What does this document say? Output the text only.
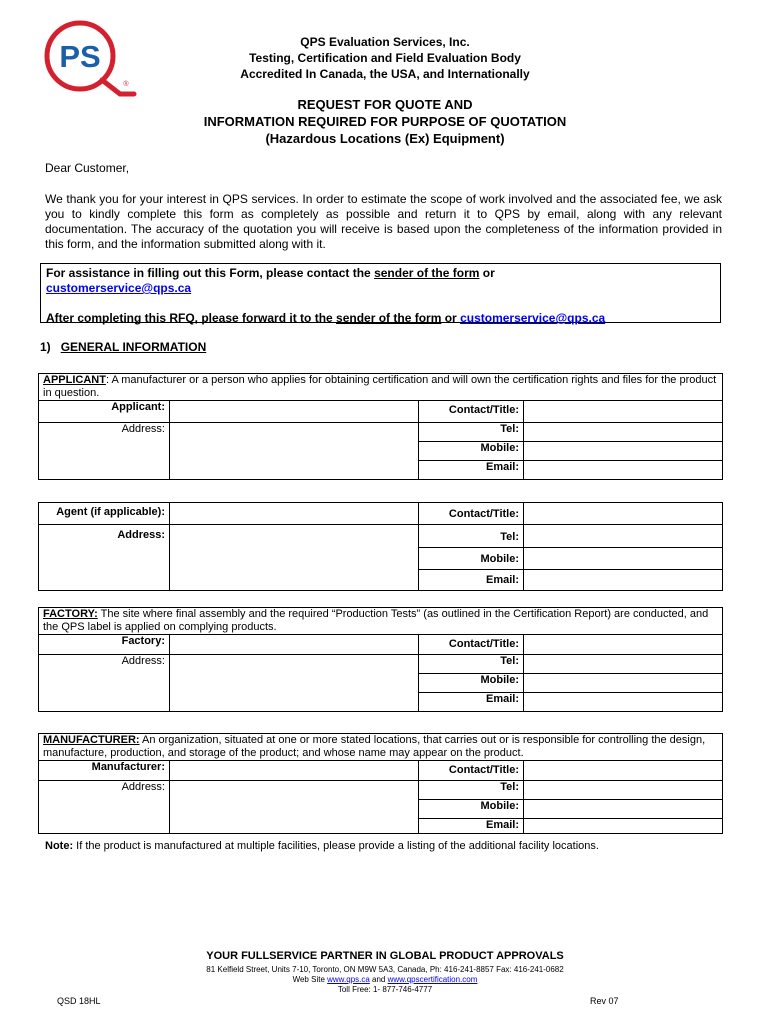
PS
®
QPS Evaluation Services, Inc.
Testing, Certification and Field Evaluation Body
Accredited In Canada, the USA, and Internationally
REQUEST FOR QUOTE AND
INFORMATION REQUIRED FOR PURPOSE OF QUOTATION
(Hazardous Locations (Ex) Equipment)
Dear Customer,
We thank you for your interest in QPS services. In order to estimate the scope of work involved and the associated fee, we ask you to kindly complete this form as completely as possible and return it to QPS by email, along with any relevant documentation. The accuracy of the quotation you will receive is based upon the completeness of the information provided in this form, and the information submitted along with it.
For assistance in filling out this Form, please contact the sender of the form or
customerservice@qps.ca
After completing this RFQ, please forward it to the sender of the form or customerservice@qps.ca
1) GENERAL INFORMATION
APPLICANT: A manufacturer or a person who applies for obtaining certification and will own the certification rights and files for the product in question.			
Applicant:		Contact/Title:	
Address:		Tel:	
		Mobile:	
		Email:	
Agent (if applicable):		Contact/Title:	
Address:		Tel:	
		Mobile:	
		Email:	
FACTORY: The site where final assembly and the required “Production Tests” (as outlined in the Certification Report) are conducted, and the QPS label is applied on complying products.			
Factory:		Contact/Title:	
Address:		Tel:	
		Mobile:	
		Email:	
MANUFACTURER: An organization, situated at one or more stated locations, that carries out or is responsible for controlling the design, manufacture, production, and storage of the product; and whose name may appear on the product.			
Manufacturer:		Contact/Title:	
Address:		Tel:	
		Mobile:	
		Email:	
Note: If the product is manufactured at multiple facilities, please provide a listing of the additional facility locations.
YOUR FULLSERVICE PARTNER IN GLOBAL PRODUCT APPROVALS
81 Kelfield Street, Units 7-10, Toronto, ON M9W 5A3, Canada, Ph: 416-241-8857 Fax: 416-241-0682
Web Site www.qps.ca and www.qpscertification.com
Toll Free: 1- 877-746-4777
QSD 18HL	Rev 07
